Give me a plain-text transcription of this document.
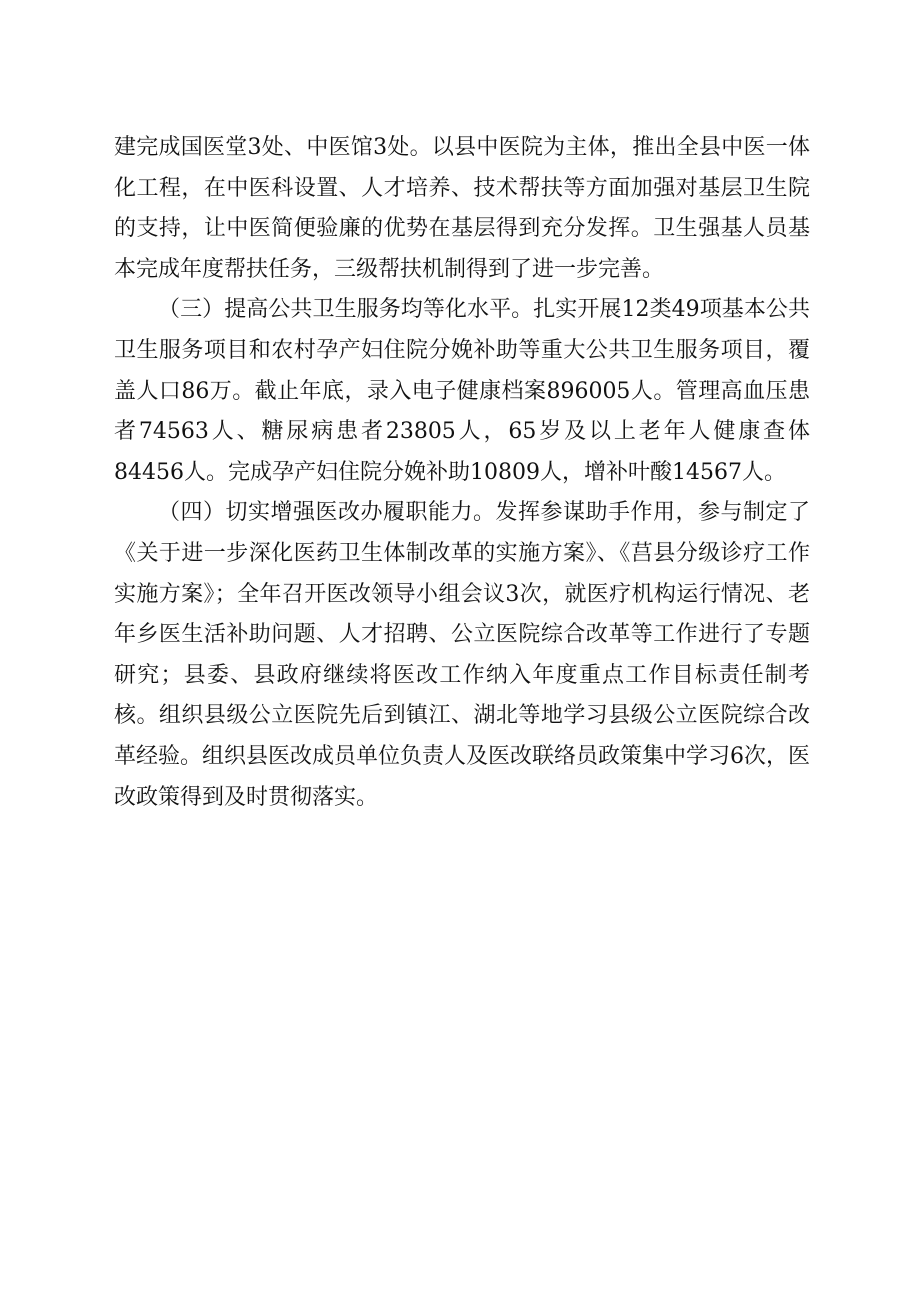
建完成国医堂3处、中医馆3处。以县中医院为主体，推出全县中医一体化工程，在中医科设置、人才培养、技术帮扶等方面加强对基层卫生院的支持，让中医简便验廉的优势在基层得到充分发挥。卫生强基人员基本完成年度帮扶任务，三级帮扶机制得到了进一步完善。

（三）提高公共卫生服务均等化水平。扎实开展12类49项基本公共卫生服务项目和农村孕产妇住院分娩补助等重大公共卫生服务项目，覆盖人口86万。截止年底，录入电子健康档案896005人。管理高血压患者74563人、糖尿病患者23805人，65岁及以上老年人健康查体84456人。完成孕产妇住院分娩补助10809人，增补叶酸14567人。

（四）切实增强医改办履职能力。发挥参谋助手作用，参与制定了《关于进一步深化医药卫生体制改革的实施方案》、《莒县分级诊疗工作实施方案》；全年召开医改领导小组会议3次，就医疗机构运行情况、老年乡医生活补助问题、人才招聘、公立医院综合改革等工作进行了专题研究；县委、县政府继续将医改工作纳入年度重点工作目标责任制考核。组织县级公立医院先后到镇江、湖北等地学习县级公立医院综合改革经验。组织县医改成员单位负责人及医改联络员政策集中学习6次，医改政策得到及时贯彻落实。
